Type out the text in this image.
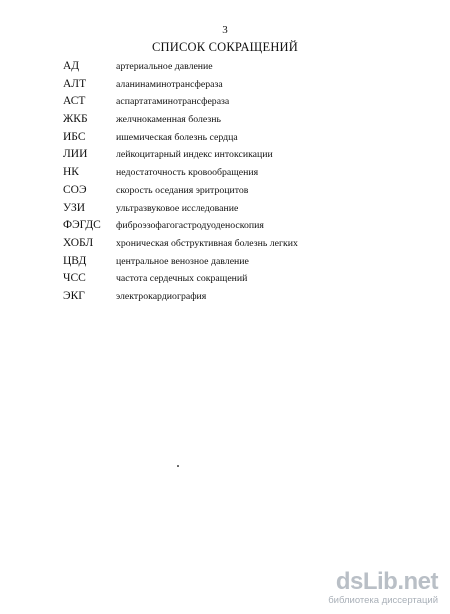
3
СПИСОК СОКРАЩЕНИЙ
АД	артериальное давление
АЛТ	аланинаминотрансфераза
АСТ	аспартатаминотрансфераза
ЖКБ	желчнокаменная болезнь
ИБС	ишемическая болезнь сердца
ЛИИ	лейкоцитарный индекс интоксикации
НК	недостаточность кровообращения
СОЭ	скорость оседания эритроцитов
УЗИ	ультразвуковое исследование
ФЭГДС фиброэзофагогастродуоденоскопия
ХОБЛ хроническая обструктивная болезнь легких
ЦВД	центральное венозное давление
ЧСС	частота сердечных сокращений
ЭКГ	электрокардиография
dsLib.net
библиотека диссертаций
